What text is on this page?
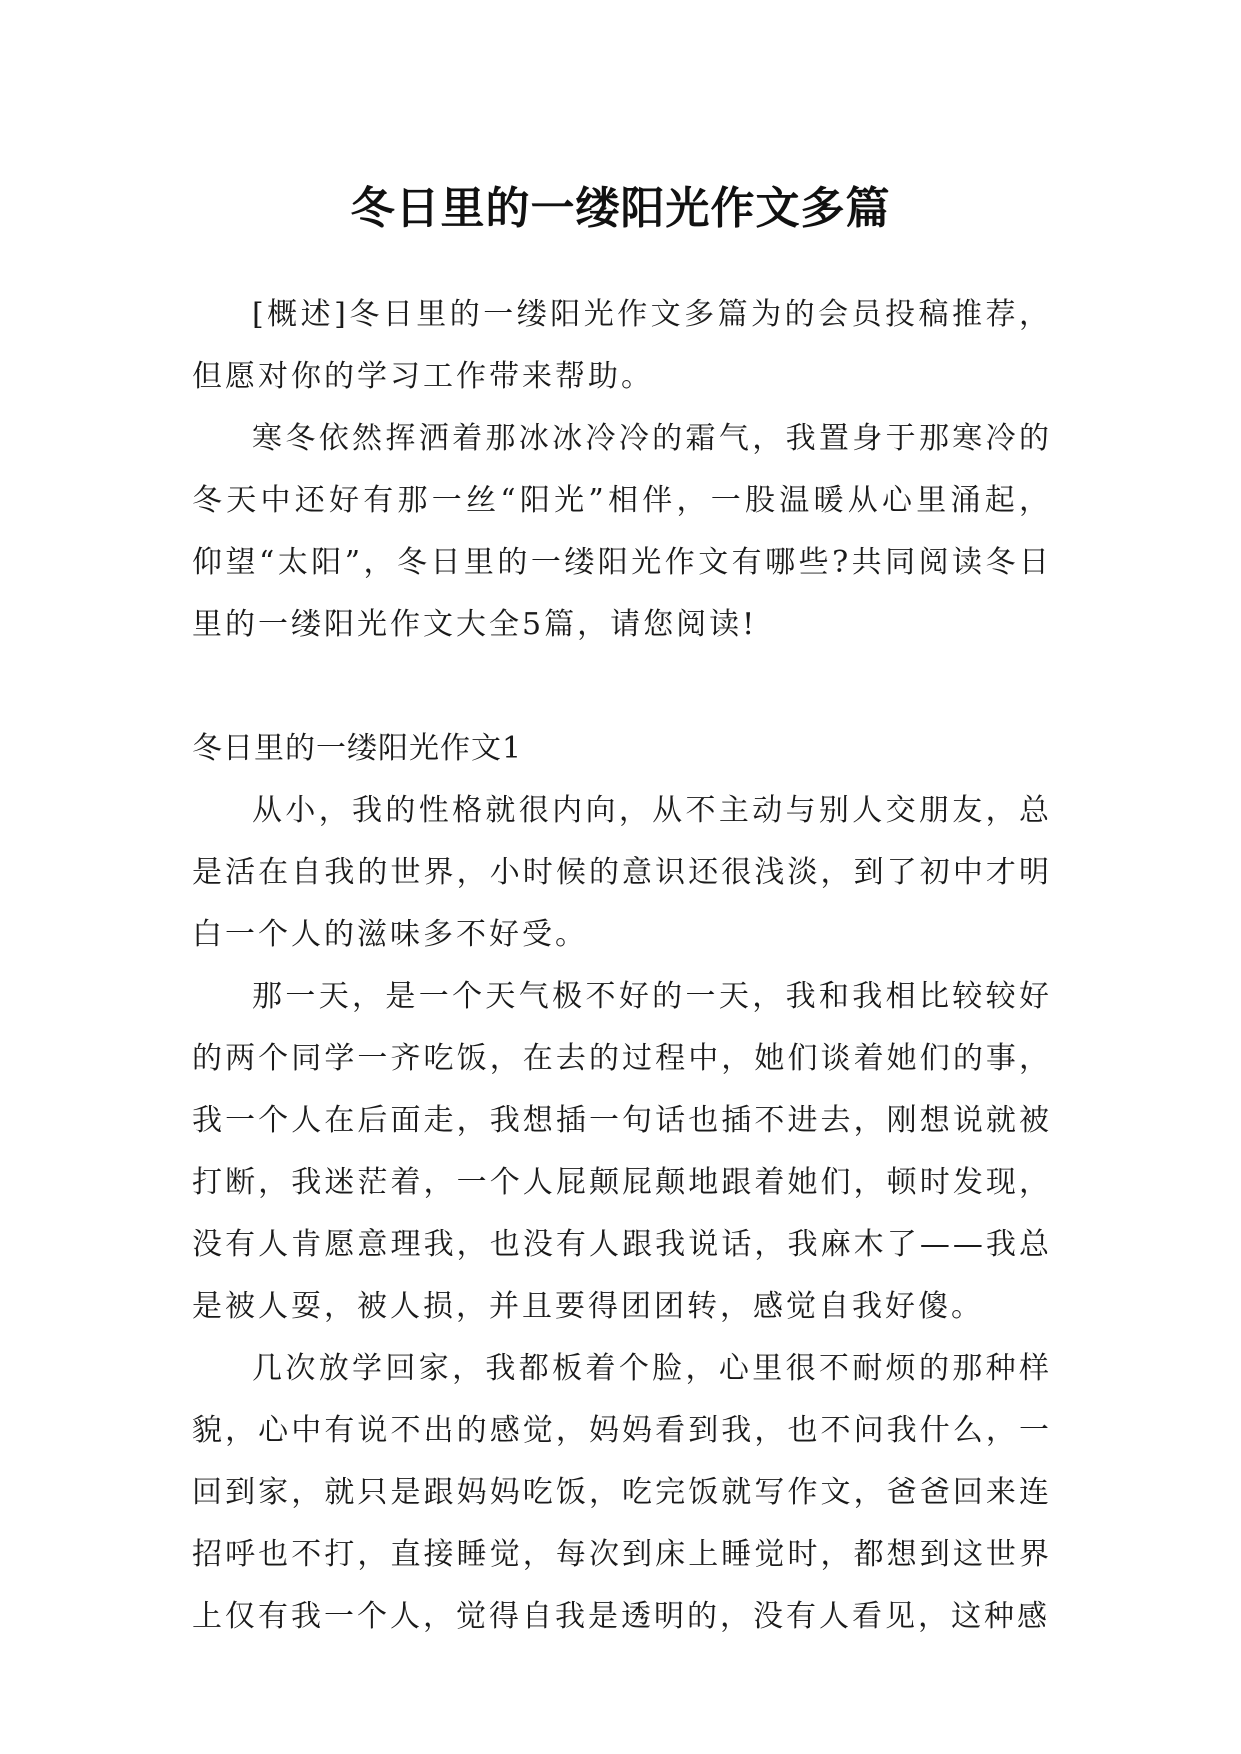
冬日里的一缕阳光作文多篇

[概述]冬日里的一缕阳光作文多篇为的会员投稿推荐，但愿对你的学习工作带来帮助。

寒冬依然挥洒着那冰冰冷冷的霜气，我置身于那寒冷的冬天中还好有那一丝“阳光”相伴，一股温暖从心里涌起，仰望“太阳”，冬日里的一缕阳光作文有哪些?共同阅读冬日里的一缕阳光作文大全5篇，请您阅读!

冬日里的一缕阳光作文1

从小，我的性格就很内向，从不主动与别人交朋友，总是活在自我的世界，小时候的意识还很浅淡，到了初中才明白一个人的滋味多不好受。

那一天，是一个天气极不好的一天，我和我相比较较好的两个同学一齐吃饭，在去的过程中，她们谈着她们的事，我一个人在后面走，我想插一句话也插不进去，刚想说就被打断，我迷茫着，一个人屁颠屁颠地跟着她们，顿时发现，没有人肯愿意理我，也没有人跟我说话，我麻木了——我总是被人耍，被人损，并且要得团团转，感觉自我好傻。

几次放学回家，我都板着个脸，心里很不耐烦的那种样貌，心中有说不出的感觉，妈妈看到我，也不问我什么，一回到家，就只是跟妈妈吃饭，吃完饭就写作文，爸爸回来连招呼也不打，直接睡觉，每次到床上睡觉时，都想到这世界上仅有我一个人，觉得自我是透明的，没有人看见，这种感
